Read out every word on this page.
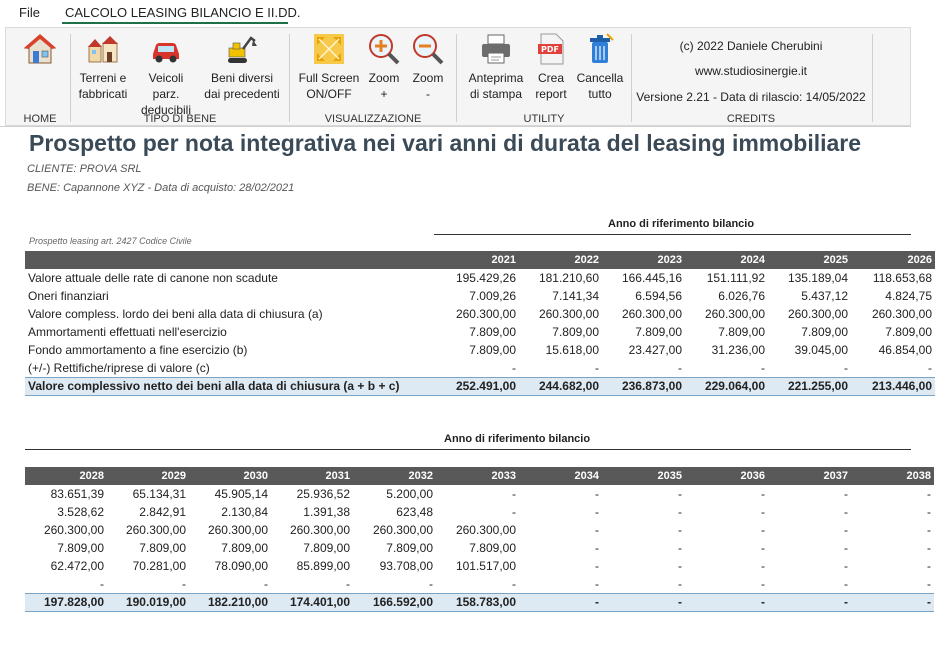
File CALCOLO LEASING BILANCIO E II.DD.
HOME
Terreni e
fabbricati
Veicoli parz.
deducibili
Beni diversi
dai precedenti
TIPO DI BENE
Full Screen
ON/OFF
Zoom
+
Zoom
-
VISUALIZZAZIONE
Anteprima
di stampa
PDF
Crea
report
Cancella
tutto
UTILITY
(c) 2022 Daniele Cherubini
www.studiosinergie.it
Versione 2.21 - Data di rilascio: 14/05/2022
CREDITS
Prospetto per nota integrativa nei vari anni di durata del leasing immobiliare
CLIENTE: PROVA SRL
BENE: Capannone XYZ - Data di acquisto: 28/02/2021
Anno di riferimento bilancio
Prospetto leasing art. 2427 Codice Civile
	2021	2022	2023	2024	2025	2026
Valore attuale delle rate di canone non scadute	195.429,26	181.210,60	166.445,16	151.111,92	135.189,04	118.653,68
Oneri finanziari	7.009,26	7.141,34	6.594,56	6.026,76	5.437,12	4.824,75
Valore compless. lordo dei beni alla data di chiusura (a)	260.300,00	260.300,00	260.300,00	260.300,00	260.300,00	260.300,00
Ammortamenti effettuati nell'esercizio	7.809,00	7.809,00	7.809,00	7.809,00	7.809,00	7.809,00
Fondo ammortamento a fine esercizio (b)	7.809,00	15.618,00	23.427,00	31.236,00	39.045,00	46.854,00
(+/-) Rettifiche/riprese di valore (c)	-	-	-	-	-	-
Valore complessivo netto dei beni alla data di chiusura (a + b + c)	252.491,00	244.682,00	236.873,00	229.064,00	221.255,00	213.446,00
Anno di riferimento bilancio
2028	2029	2030	2031	2032	2033	2034	2035	2036	2037	2038
83.651,39	65.134,31	45.905,14	25.936,52	5.200,00	-	-	-	-	-	-
3.528,62	2.842,91	2.130,84	1.391,38	623,48	-	-	-	-	-	-
260.300,00	260.300,00	260.300,00	260.300,00	260.300,00	260.300,00	-	-	-	-	-
7.809,00	7.809,00	7.809,00	7.809,00	7.809,00	7.809,00	-	-	-	-	-
62.472,00	70.281,00	78.090,00	85.899,00	93.708,00	101.517,00	-	-	-	-	-
-	-	-	-	-	-	-	-	-	-	-
197.828,00	190.019,00	182.210,00	174.401,00	166.592,00	158.783,00	-	-	-	-	-
